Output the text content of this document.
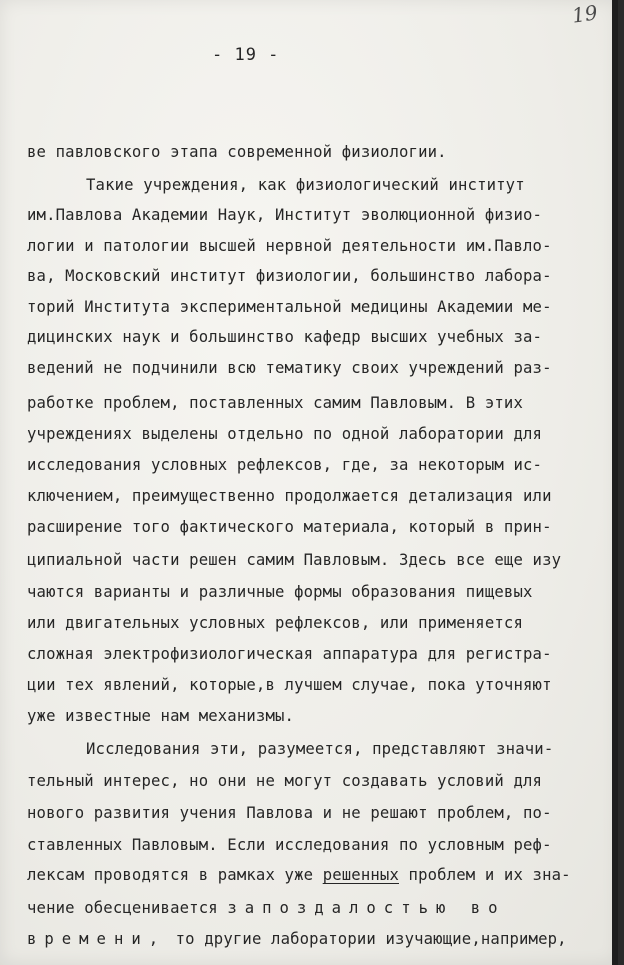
19
- 19 -
ве павловского этапа современной физиологии.
Такие учреждения, как физиологический институт
им.Павлова Академии Наук, Институт эволюционной физио-
логии и патологии высшей нервной деятельности им.Павло-
ва, Московский институт физиологии, большинство лабора-
торий Института экспериментальной медицины Академии ме-
дицинских наук и большинство кафедр высших учебных за-
ведений не подчинили всю тематику своих учреждений раз-
работке проблем, поставленных самим Павловым. В этих
учреждениях выделены отдельно по одной лаборатории для
исследования условных рефлексов, где, за некоторым ис-
ключением, преимущественно продолжается детализация или
расширение того фактического материала, который в прин-
ципиальной части решен самим Павловым. Здесь все еще изу
чаются варианты и различные формы образования пищевых
или двигательных условных рефлексов, или применяется
сложная электрофизиологическая аппаратура для регистра-
ции тех явлений, которые,в лучшем случае, пока уточняют
уже известные нам механизмы.
Исследования эти, разумеется, представляют значи-
тельный интерес, но они не могут создавать условий для
нового развития учения Павлова и не решают проблем, по-
ставленных Павловым. Если исследования по условным реф-
лексам проводятся в рамках уже решенных проблем и их зна-
чение обесценивается запоздалостью во
времени, то другие лаборатории изучающие,например,
